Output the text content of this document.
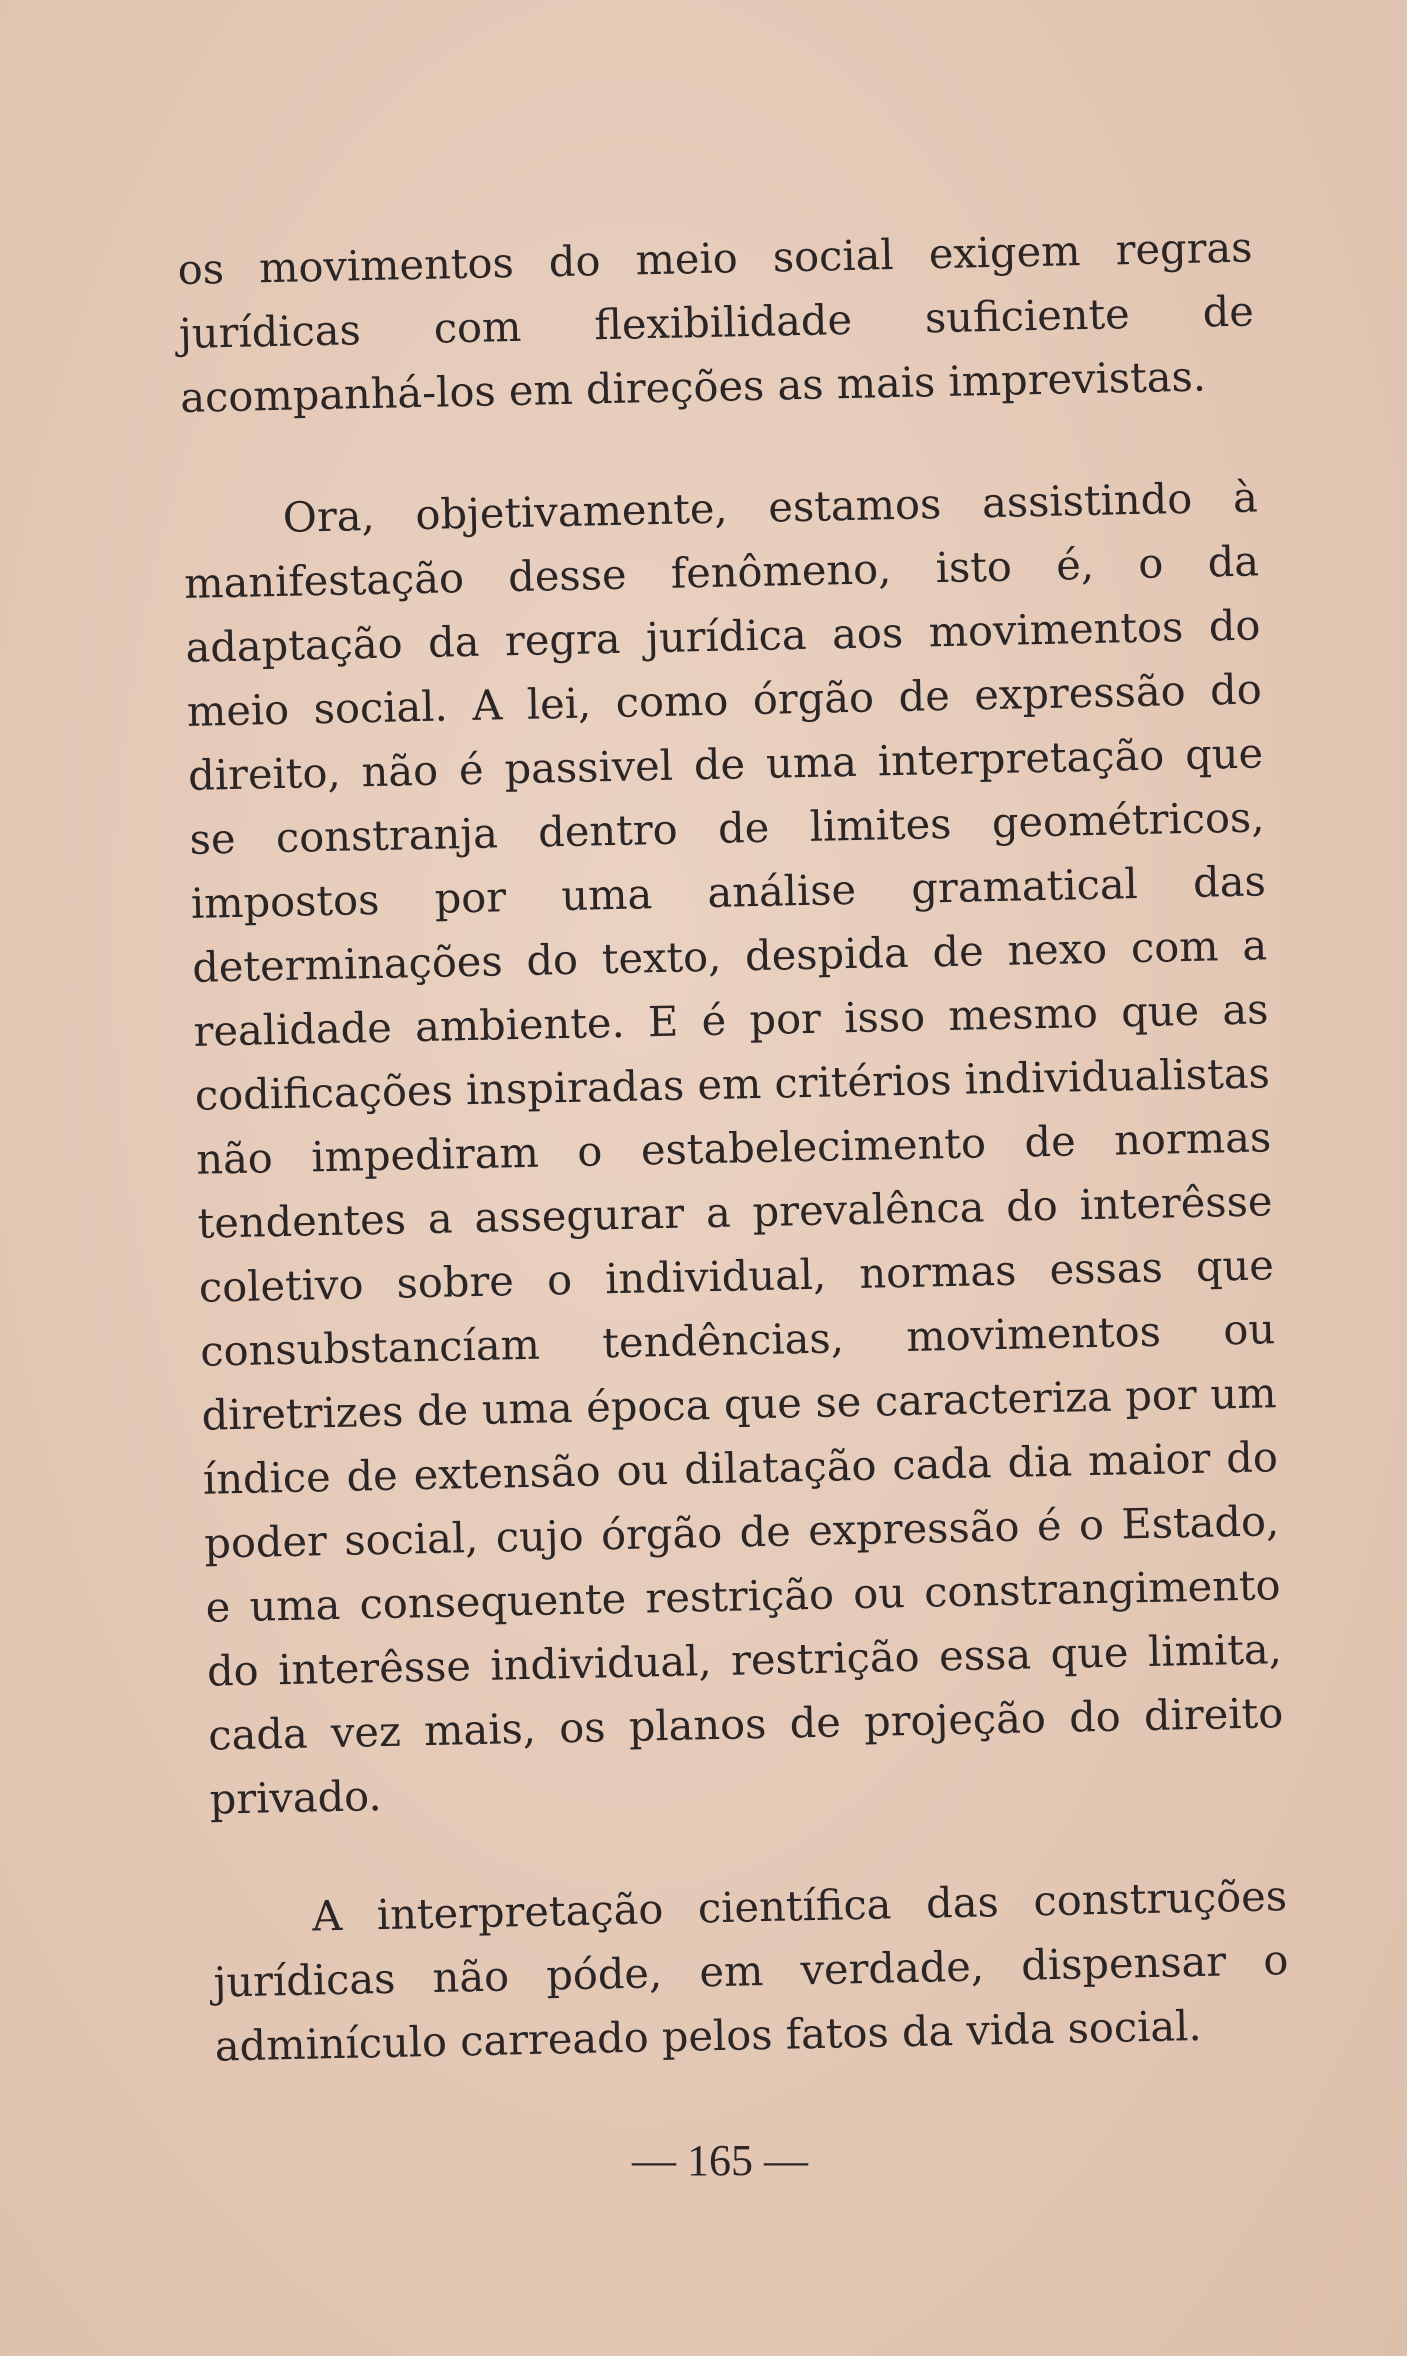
os movimentos do meio social exigem regras jurídicas com flexibilidade suficiente de acompanhá-los em direções as mais imprevistas.

Ora, objetivamente, estamos assistindo à manifestação desse fenômeno, isto é, o da adaptação da regra jurídica aos movimentos do meio social. A lei, como órgão de expressão do direito, não é passivel de uma interpretação que se constranja dentro de limites geométricos, impostos por uma análise gramatical das determinações do texto, despida de nexo com a realidade ambiente. E é por isso mesmo que as codificações inspiradas em critérios individualistas não impediram o estabelecimento de normas tendentes a assegurar a prevalênca do interêsse coletivo sobre o individual, normas essas que consubstancíam tendências, movimentos ou diretrizes de uma época que se caracteriza por um índice de extensão ou dilatação cada dia maior do poder social, cujo órgão de expressão é o Estado, e uma consequente restrição ou constrangimento do interêsse individual, restrição essa que limita, cada vez mais, os planos de projeção do direito privado.

A interpretação científica das construções jurídicas não póde, em verdade, dispensar o adminículo carreado pelos fatos da vida social.

— 165 —
